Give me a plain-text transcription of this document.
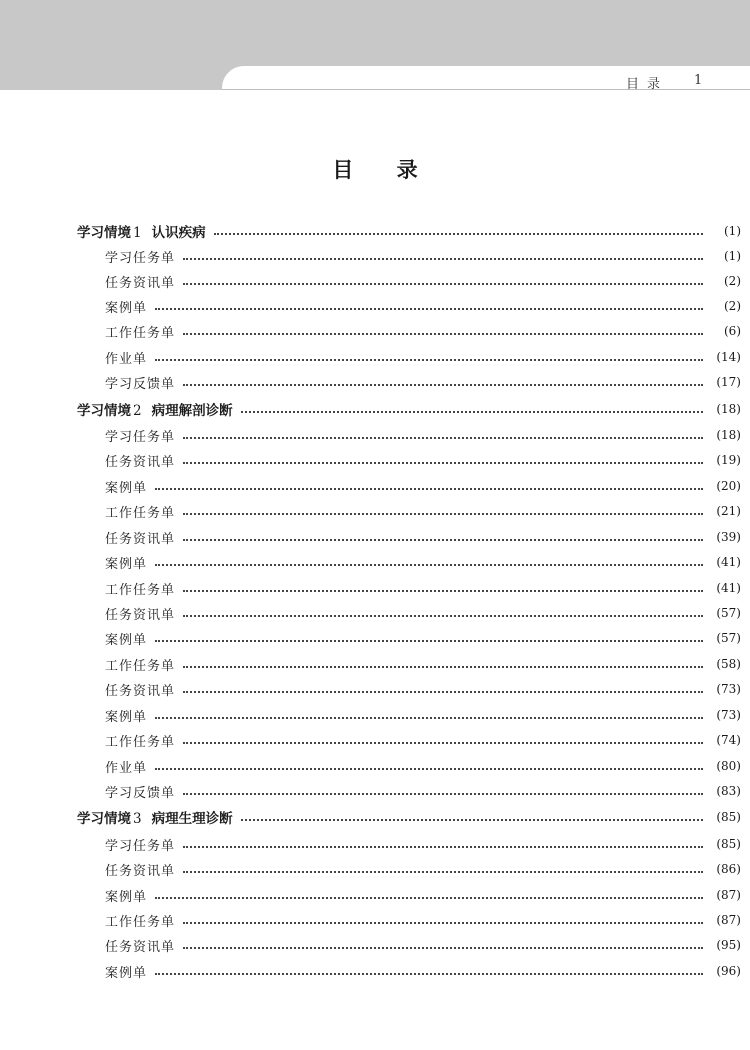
目录 1
目 录
学习情境 1 认识疾病	(1)
学习任务单	(1)
任务资讯单	(2)
案例单	(2)
工作任务单	(6)
作业单	(14)
学习反馈单	(17)
学习情境 2 病理解剖诊断	(18)
学习任务单	(18)
任务资讯单	(19)
案例单	(20)
工作任务单	(21)
任务资讯单	(39)
案例单	(41)
工作任务单	(41)
任务资讯单	(57)
案例单	(57)
工作任务单	(58)
任务资讯单	(73)
案例单	(73)
工作任务单	(74)
作业单	(80)
学习反馈单	(83)
学习情境 3 病理生理诊断	(85)
学习任务单	(85)
任务资讯单	(86)
案例单	(87)
工作任务单	(87)
任务资讯单	(95)
案例单	(96)
